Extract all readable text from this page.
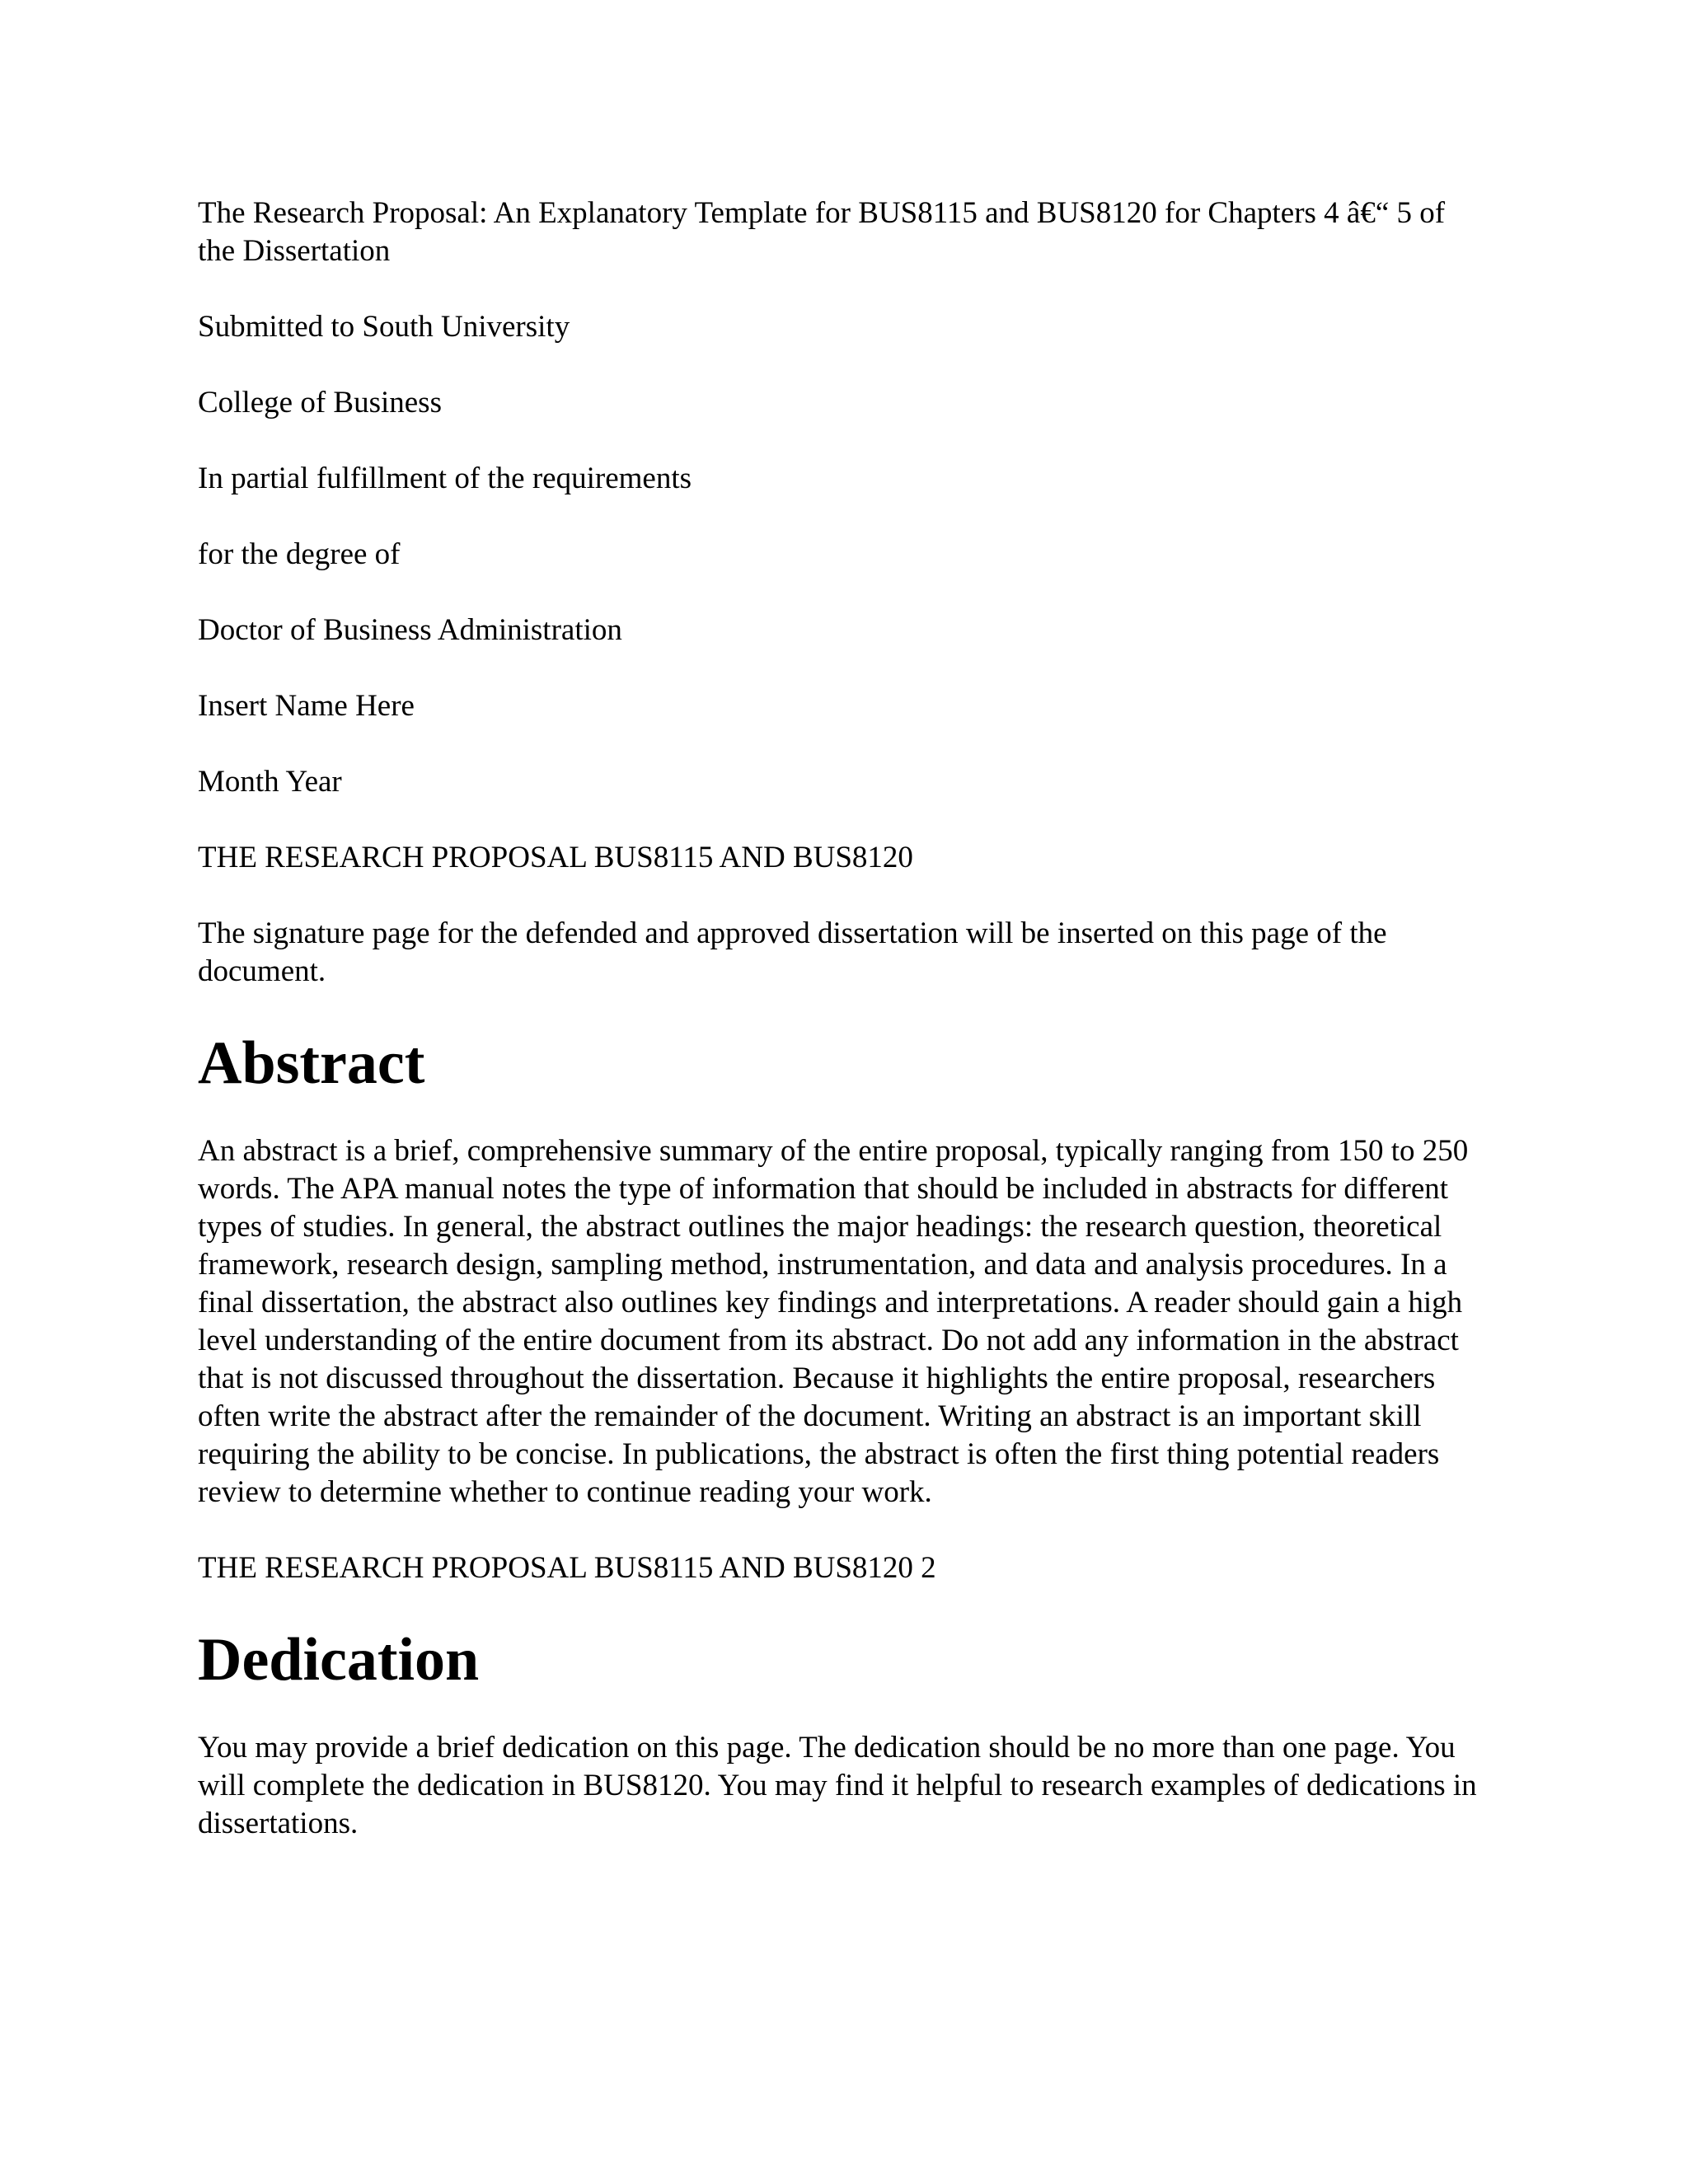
The Research Proposal: An Explanatory Template for BUS8115 and BUS8120 for Chapters 4 â€“ 5 of the Dissertation

Submitted to South University

College of Business

In partial fulfillment of the requirements

for the degree of

Doctor of Business Administration

Insert Name Here

Month Year

THE RESEARCH PROPOSAL BUS8115 AND BUS8120

The signature page for the defended and approved dissertation will be inserted on this page of the document.

Abstract

An abstract is a brief, comprehensive summary of the entire proposal, typically ranging from 150 to 250 words. The APA manual notes the type of information that should be included in abstracts for different types of studies. In general, the abstract outlines the major headings: the research question, theoretical framework, research design, sampling method, instrumentation, and data and analysis procedures. In a final dissertation, the abstract also outlines key findings and interpretations. A reader should gain a high level understanding of the entire document from its abstract. Do not add any information in the abstract that is not discussed throughout the dissertation. Because it highlights the entire proposal, researchers often write the abstract after the remainder of the document. Writing an abstract is an important skill requiring the ability to be concise. In publications, the abstract is often the first thing potential readers review to determine whether to continue reading your work.

THE RESEARCH PROPOSAL BUS8115 AND BUS8120 2

Dedication

You may provide a brief dedication on this page. The dedication should be no more than one page. You will complete the dedication in BUS8120. You may find it helpful to research examples of dedications in dissertations.
